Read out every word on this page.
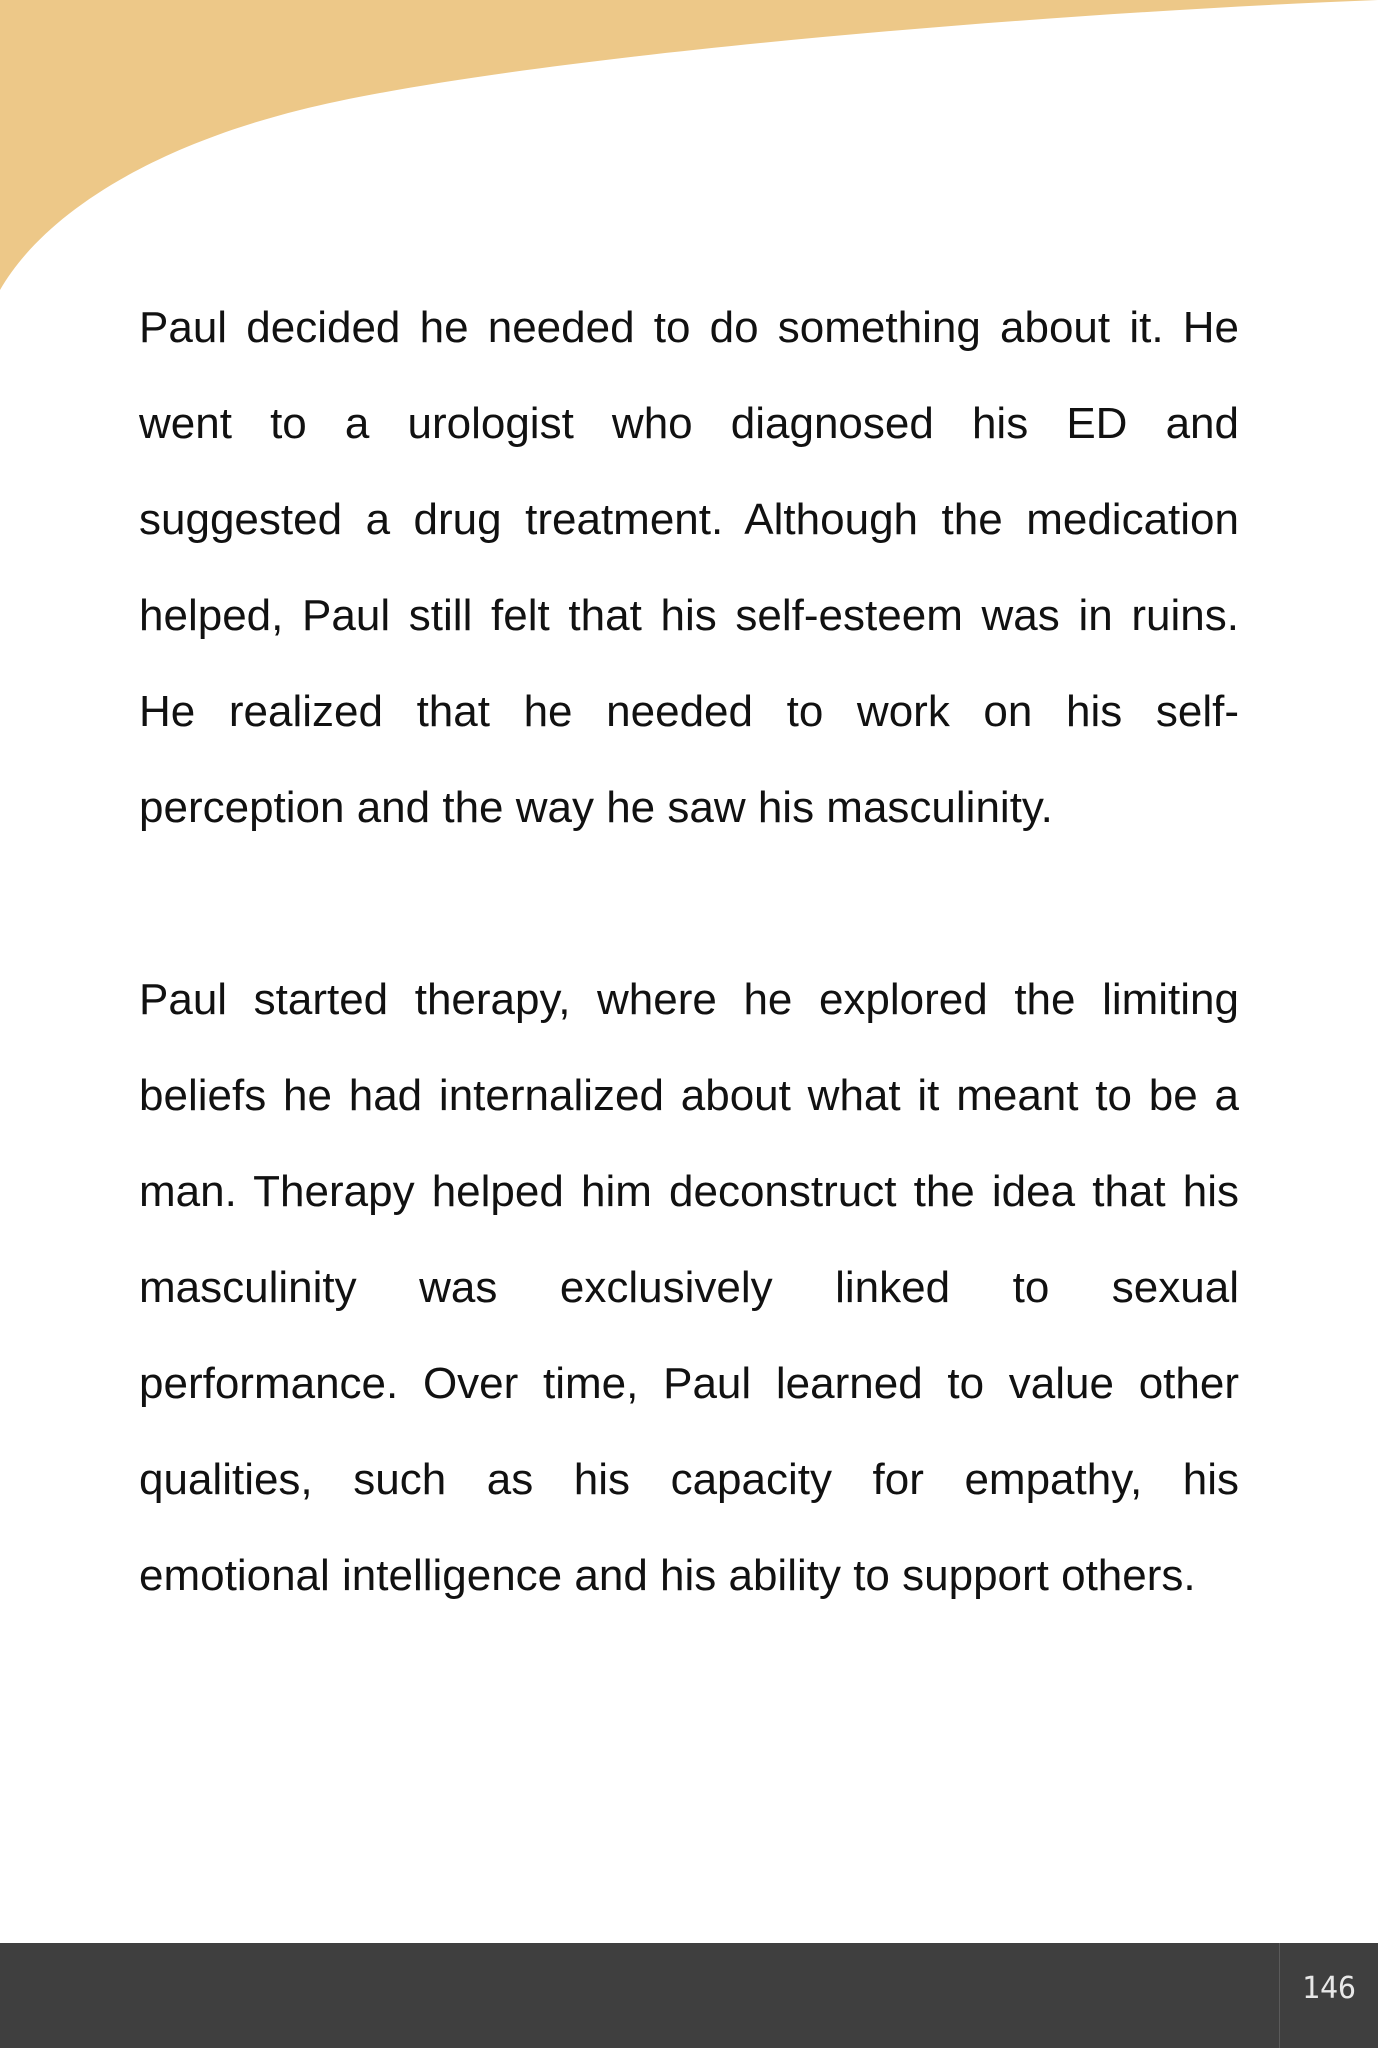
Paul decided he needed to do something about it. He went to a urologist who diagnosed his ED and suggested a drug treatment. Although the medication helped, Paul still felt that his self-esteem was in ruins. He realized that he needed to work on his self-perception and the way he saw his masculinity.

Paul started therapy, where he explored the limiting beliefs he had internalized about what it meant to be a man. Therapy helped him deconstruct the idea that his masculinity was exclusively linked to sexual performance. Over time, Paul learned to value other qualities, such as his capacity for empathy, his emotional intelligence and his ability to support others.

146
